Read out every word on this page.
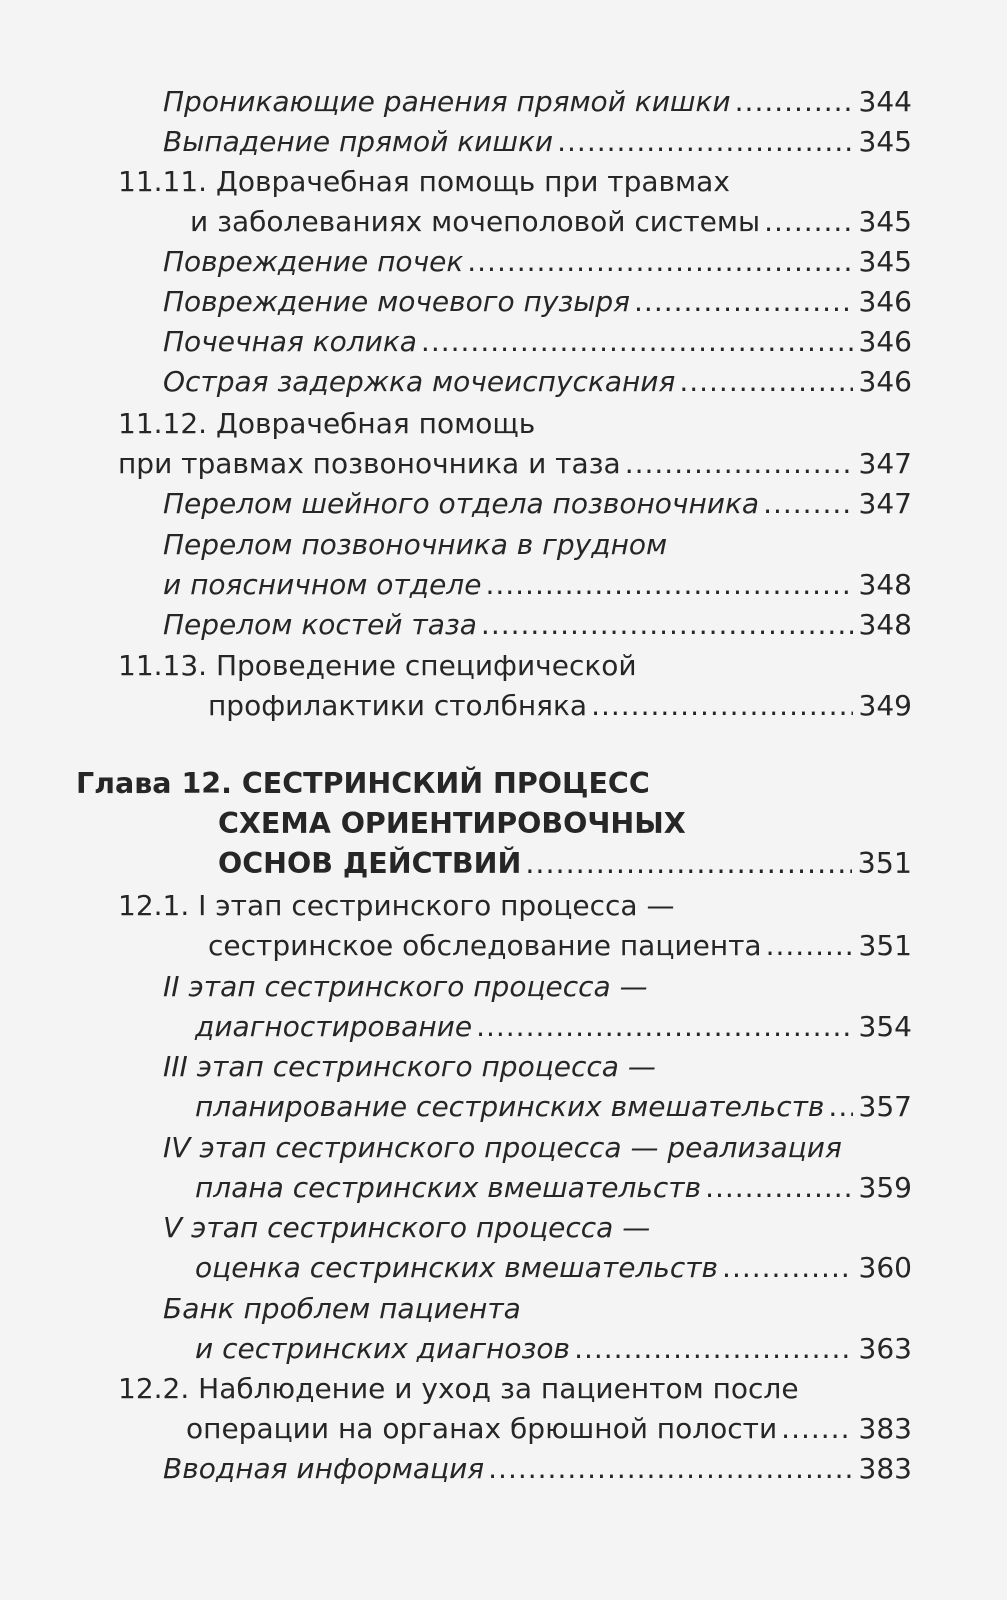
Проникающие ранения прямой кишки .....	344
Выпадение прямой кишки .....	345
11.11. Доврачебная помощь при травмах
и заболеваниях мочеполовой системы .....	345
Повреждение почек .....	345
Повреждение мочевого пузыря .....	346
Почечная колика .....	346
Острая задержка мочеиспускания .....	346
11.12. Доврачебная помощь
при травмах позвоночника и таза .....	347
Перелом шейного отдела позвоночника .....	347
Перелом позвоночника в грудном
и поясничном отделе .....	348
Перелом костей таза .....	348
11.13. Проведение специфической
профилактики столбняка .....	349
Глава 12. СЕСТРИНСКИЙ ПРОЦЕСС
СХЕМА ОРИЕНТИРОВОЧНЫХ
ОСНОВ ДЕЙСТВИЙ .....	351
12.1. I этап сестринского процесса —
сестринское обследование пациента .....	351
II этап сестринского процесса —
диагностирование .....	354
III этап сестринского процесса —
планирование сестринских вмешательств ..... 357
IV этап сестринского процесса — реализация
плана сестринских вмешательств .....	359
V этап сестринского процесса —
оценка сестринских вмешательств .....	360
Банк проблем пациента
и сестринских диагнозов .....	363
12.2. Наблюдение и уход за пациентом после
операции на органах брюшной полости .....	383
Вводная информация .....	383
